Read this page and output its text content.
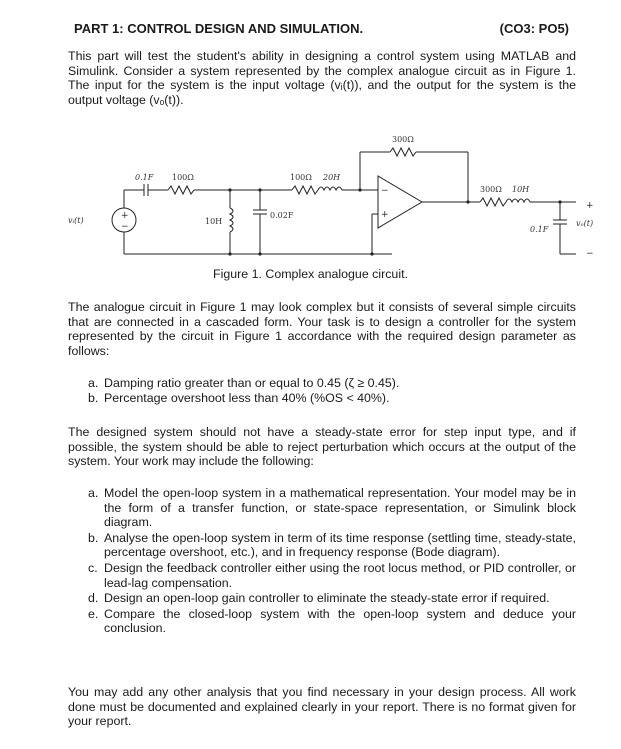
PART 1: CONTROL DESIGN AND SIMULATION.	(CO3: PO5)
This part will test the student's ability in designing a control system using MATLAB and Simulink. Consider a system represented by the complex analogue circuit as in Figure 1. The input for the system is the input voltage (vᵢ(t)), and the output for the system is the output voltage (vₒ(t)).
300Ω
0.1F 100Ω
10H
0.02F
100Ω 20H
300Ω 10H
0.1F
vᵢ(t)	vₒ(t)
+
−
−
+
+
−
Figure 1. Complex analogue circuit.
The analogue circuit in Figure 1 may look complex but it consists of several simple circuits that are connected in a cascaded form. Your task is to design a controller for the system represented by the circuit in Figure 1 accordance with the required design parameter as follows:
a. Damping ratio greater than or equal to 0.45 (ζ ≥ 0.45).
b. Percentage overshoot less than 40% (%OS < 40%).
The designed system should not have a steady-state error for step input type, and if possible, the system should be able to reject perturbation which occurs at the output of the system. Your work may include the following:
a. Model the open-loop system in a mathematical representation. Your model may be in the form of a transfer function, or state-space representation, or Simulink block diagram.
b. Analyse the open-loop system in term of its time response (settling time, steady-state, percentage overshoot, etc.), and in frequency response (Bode diagram).
c. Design the feedback controller either using the root locus method, or PID controller, or lead-lag compensation.
d. Design an open-loop gain controller to eliminate the steady-state error if required.
e. Compare the closed-loop system with the open-loop system and deduce your conclusion.
You may add any other analysis that you find necessary in your design process. All work done must be documented and explained clearly in your report. There is no format given for your report.
